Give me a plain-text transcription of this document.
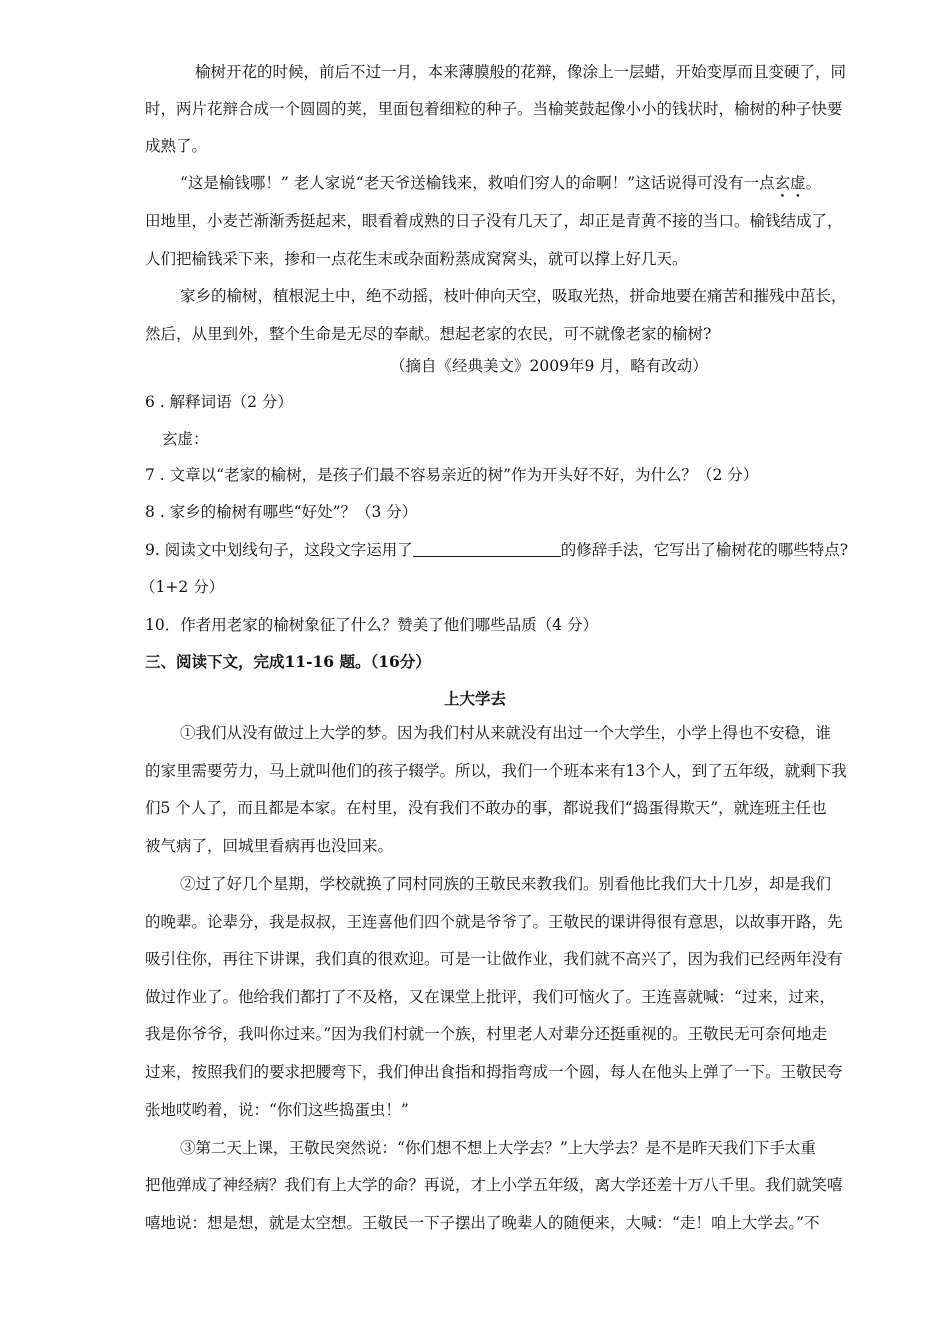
榆树开花的时候，前后不过一月，本来薄膜般的花辩，像涂上一层蜡，开始变厚而且变硬了，同
时，两片花辩合成一个圆圆的荚，里面包着细粒的种子。当榆荚鼓起像小小的钱状时，榆树的种子快要
成熟了。
“这是榆钱哪！” 老人家说“老天爷送榆钱来，救咱们穷人的命啊！”这话说得可没有一点玄虚。
田地里，小麦芒渐渐秀挺起来，眼看着成熟的日子没有几天了，却正是青黄不接的当口。榆钱结成了，
人们把榆钱采下来，掺和一点花生末或杂面粉蒸成窝窝头，就可以撑上好几天。
家乡的榆树，植根泥土中，绝不动摇，枝叶伸向天空，吸取光热，拼命地要在痛苦和摧残中茁长，
然后，从里到外，整个生命是无尽的奉献。想起老家的农民，可不就像老家的榆树?
（摘自《经典美文》2009年9 月，略有改动）
6 . 解释词语（2 分）
玄虚：
7 . 文章以“老家的榆树，是孩子们最不容易亲近的树”作为开头好不好，为什么？（2 分）
8 . 家乡的榆树有哪些“好处”？（3 分）
9. 阅读文中划线句子，这段文字运用了	的修辞手法，它写出了榆树花的哪些特点?
（1+2 分）
10．作者用老家的榆树象征了什么？赞美了他们哪些品质（4 分）
三、阅读下文，完成11-16 题。（16分）
上大学去
①我们从没有做过上大学的梦。因为我们村从来就没有出过一个大学生，小学上得也不安稳，谁
的家里需要劳力，马上就叫他们的孩子辍学。所以，我们一个班本来有13个人，到了五年级，就剩下我
们5 个人了，而且都是本家。在村里，没有我们不敢办的事，都说我们“捣蛋得欺天”，就连班主任也
被气病了，回城里看病再也没回来。
②过了好几个星期，学校就换了同村同族的王敬民来教我们。别看他比我们大十几岁，却是我们
的晚辈。论辈分，我是叔叔，王连喜他们四个就是爷爷了。王敬民的课讲得很有意思，以故事开路，先
吸引住你，再往下讲课，我们真的很欢迎。可是一让做作业，我们就不高兴了，因为我们已经两年没有
做过作业了。他给我们都打了不及格，又在课堂上批评，我们可恼火了。王连喜就喊：“过来，过来，
我是你爷爷，我叫你过来。”因为我们村就一个族，村里老人对辈分还挺重视的。王敬民无可奈何地走
过来，按照我们的要求把腰弯下，我们伸出食指和拇指弯成一个圆，每人在他头上弹了一下。王敬民夸
张地哎哟着，说：“你们这些捣蛋虫！”
③第二天上课，王敬民突然说：“你们想不想上大学去？”上大学去？是不是昨天我们下手太重
把他弹成了神经病？我们有上大学的命？再说，才上小学五年级，离大学还差十万八千里。我们就笑嘻
嘻地说：想是想，就是太空想。王敬民一下子摆出了晚辈人的随便来，大喊：“走！咱上大学去。”不
